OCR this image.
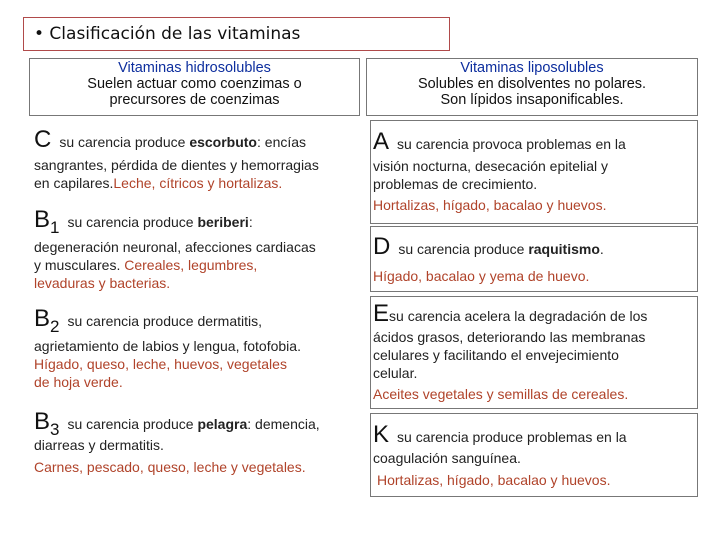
• Clasificación de las vitaminas
Vitaminas hidrosolubles
Suelen actuar como coenzimas o
precursores de coenzimas
Vitaminas liposolubles
Solubles en disolventes no polares.
Son lípidos insaponificables.
Csu carencia produce escorbuto: encías
sangrantes, pérdida de dientes y hemorragias
en capilares.Leche, cítricos y hortalizas.
B1 su carencia produce beriberi:
degeneración neuronal, afecciones cardiacas
y musculares. Cereales, legumbres,
levaduras y bacterias.
B2 su carencia produce dermatitis,
agrietamiento de labios y lengua, fotofobia.
Hígado, queso, leche, huevos, vegetales
de hoja verde.
B3 su carencia produce pelagra: demencia,
diarreas y dermatitis.
Carnes, pescado, queso, leche y vegetales.
Asu carencia provoca problemas en la
visión nocturna, desecación epitelial y
problemas de crecimiento.
Hortalizas, hígado, bacalao y huevos.
Dsu carencia produce raquitismo.
Hígado, bacalao y yema de huevo.
Esu carencia acelera la degradación de los
ácidos grasos, deteriorando las membranas
celulares y facilitando el envejecimiento
celular.
Aceites vegetales y semillas de cereales.
Ksu carencia produce problemas en la
coagulación sanguínea.
Hortalizas, hígado, bacalao y huevos.
